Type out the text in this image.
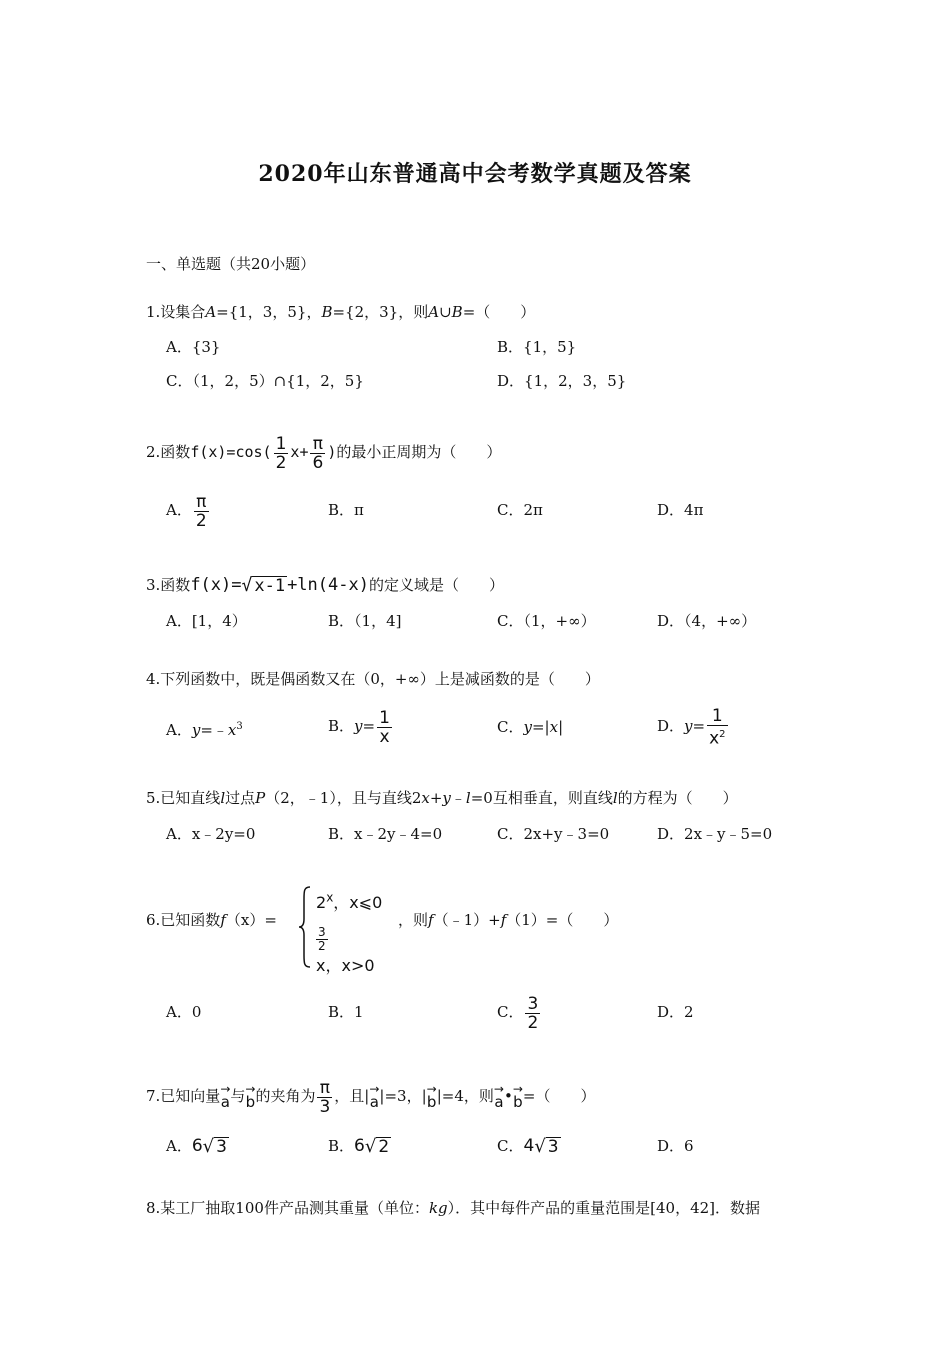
2020年山东普通高中会考数学真题及答案
一、单选题（共20小题）
1.设集合A={1，3，5}，B={2，3}，则A∪B=（　　）
A．{3}	B．{1，5}
C．（1，2，5）∩{1，2，5}	D．{1，2，3，5}
2.函数$f(x)=\cos( \frac{1}{2} x+ \frac{\pi}{6}$ )的最小正周期为（　　）
A． $\frac{\pi}{2}$	B．π	C．2π	D．4π
3.函数f(x)= √ x-1 +ln(4-x)的定义域是（　　）
A．[1，4）	B．（1，4]	C．（1，+∞）	D．（4，+∞）
4.下列函数中，既是偶函数又在（0，+∞）上是减函数的是（　　）
A．$y=﹣x^3$	B．$y= \frac{1}{x}$	C．y=|x|	D．$y= \frac{1}{x^2}$
5.已知直线l过点P（2，﹣1），且与直线2x+y﹣l=0互相垂直，则直线l的方程为（　　）
A．x﹣2y=0	B．x﹣2y﹣4=0	C．2x+y﹣3=0	D．2x﹣y﹣5=0
6.已知函数f（x）=
$2^x$，x⩽0
$\frac{3}{2}$

x，x>0
，则f（﹣1）+f（1）=（　　）
A．0	B．1	C． $\frac{3}{2}$	D．2
7.已知向量 →
a 与 →
b 的夹角为 $\frac{\pi}{3}$ ，且| →
a |=3，| →
b |=4，则 →
a • →
b =（　　）
A．6 √ 3	B．6 √ 2	C．4 √ 3	D．6
8.某工厂抽取100件产品测其重量（单位：kg）．其中每件产品的重量范围是[40，42]．数据
